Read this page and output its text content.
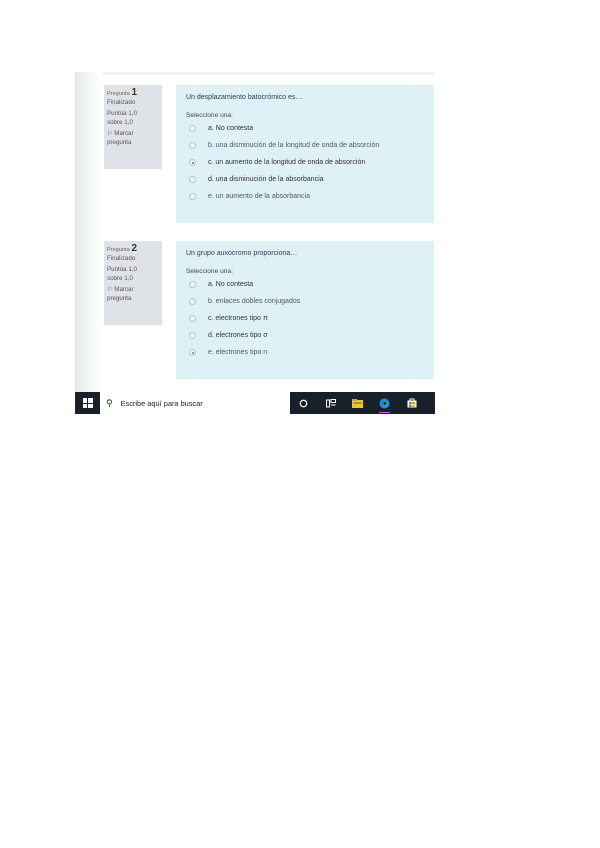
Pregunta 1
Finalizado
Puntúa 1,0
sobre 1,0
⚐ Marcar
pregunta
Un desplazamiento batocrómico es…
Seleccione una:
a. No contesta
b. una disminución de la longitud de onda de absorción
c. un aumento de la longitud de onda de absorción
d. una disminución de la absorbancia
e. un aumento de la absorbancia
Pregunta 2
Finalizado
Puntúa 1,0
sobre 1,0
⚐ Marcar
pregunta
Un grupo auxocromo proporciona…
Seleccione una:
a. No contesta
b. enlaces dobles conjugados
c. electrones tipo π
d. electrones tipo σ
e. electrones tipo n
⚲ Escribe aquí para buscar
